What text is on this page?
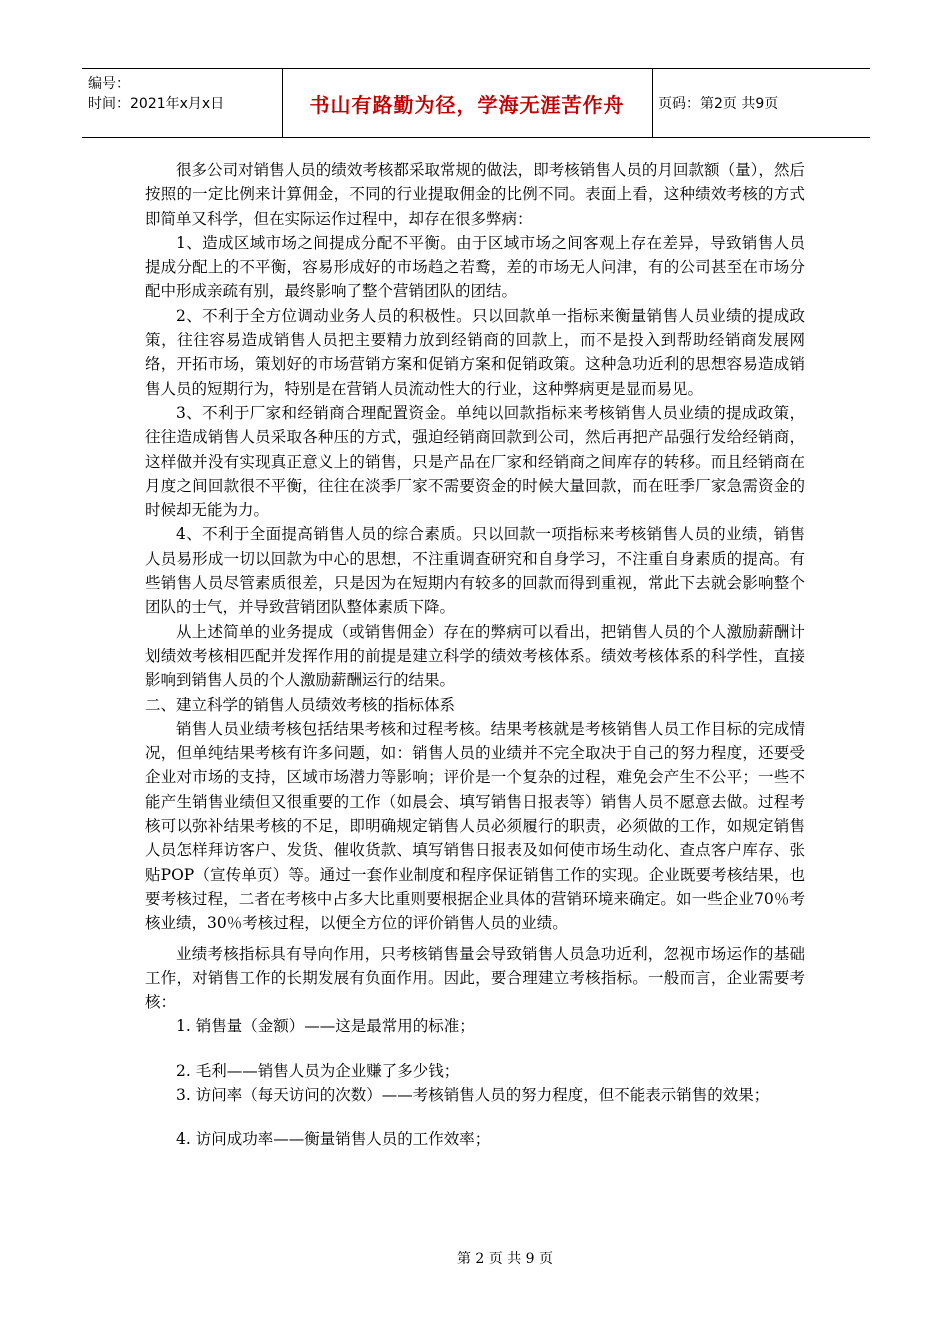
编号：
时间：2021年x月x日	书山有路勤为径，学海无涯苦作舟	页码：第2页 共9页

很多公司对销售人员的绩效考核都采取常规的做法，即考核销售人员的月回款额（量），然后按照的一定比例来计算佣金，不同的行业提取佣金的比例不同。表面上看，这种绩效考核的方式即简单又科学，但在实际运作过程中，却存在很多弊病：

1、造成区域市场之间提成分配不平衡。由于区域市场之间客观上存在差异，导致销售人员提成分配上的不平衡，容易形成好的市场趋之若鹜，差的市场无人问津，有的公司甚至在市场分配中形成亲疏有别，最终影响了整个营销团队的团结。

2、不利于全方位调动业务人员的积极性。只以回款单一指标来衡量销售人员业绩的提成政策，往往容易造成销售人员把主要精力放到经销商的回款上，而不是投入到帮助经销商发展网络，开拓市场，策划好的市场营销方案和促销方案和促销政策。这种急功近利的思想容易造成销售人员的短期行为，特别是在营销人员流动性大的行业，这种弊病更是显而易见。

3、不利于厂家和经销商合理配置资金。单纯以回款指标来考核销售人员业绩的提成政策，往往造成销售人员采取各种压的方式，强迫经销商回款到公司，然后再把产品强行发给经销商，这样做并没有实现真正意义上的销售，只是产品在厂家和经销商之间库存的转移。而且经销商在月度之间回款很不平衡，往往在淡季厂家不需要资金的时候大量回款，而在旺季厂家急需资金的时候却无能为力。

4、不利于全面提高销售人员的综合素质。只以回款一项指标来考核销售人员的业绩，销售人员易形成一切以回款为中心的思想，不注重调查研究和自身学习，不注重自身素质的提高。有些销售人员尽管素质很差，只是因为在短期内有较多的回款而得到重视，常此下去就会影响整个团队的士气，并导致营销团队整体素质下降。

从上述简单的业务提成（或销售佣金）存在的弊病可以看出，把销售人员的个人激励薪酬计划绩效考核相匹配并发挥作用的前提是建立科学的绩效考核体系。绩效考核体系的科学性，直接影响到销售人员的个人激励薪酬运行的结果。

二、建立科学的销售人员绩效考核的指标体系

销售人员业绩考核包括结果考核和过程考核。结果考核就是考核销售人员工作目标的完成情况，但单纯结果考核有许多问题，如：销售人员的业绩并不完全取决于自己的努力程度，还要受企业对市场的支持，区域市场潜力等影响；评价是一个复杂的过程，难免会产生不公平；一些不能产生销售业绩但又很重要的工作（如晨会、填写销售日报表等）销售人员不愿意去做。过程考核可以弥补结果考核的不足，即明确规定销售人员必须履行的职责，必须做的工作，如规定销售人员怎样拜访客户、发货、催收货款、填写销售日报表及如何使市场生动化、查点客户库存、张贴POP（宣传单页）等。通过一套作业制度和程序保证销售工作的实现。企业既要考核结果，也要考核过程，二者在考核中占多大比重则要根据企业具体的营销环境来确定。如一些企业70％考核业绩，30％考核过程，以便全方位的评价销售人员的业绩。

业绩考核指标具有导向作用，只考核销售量会导致销售人员急功近利，忽视市场运作的基础工作，对销售工作的长期发展有负面作用。因此，要合理建立考核指标。一般而言，企业需要考核：

1. 销售量（金额）——这是最常用的标准；

2. 毛利——销售人员为企业赚了多少钱；

3. 访问率（每天访问的次数）——考核销售人员的努力程度，但不能表示销售的效果；

4. 访问成功率——衡量销售人员的工作效率；

第 2 页 共 9 页
